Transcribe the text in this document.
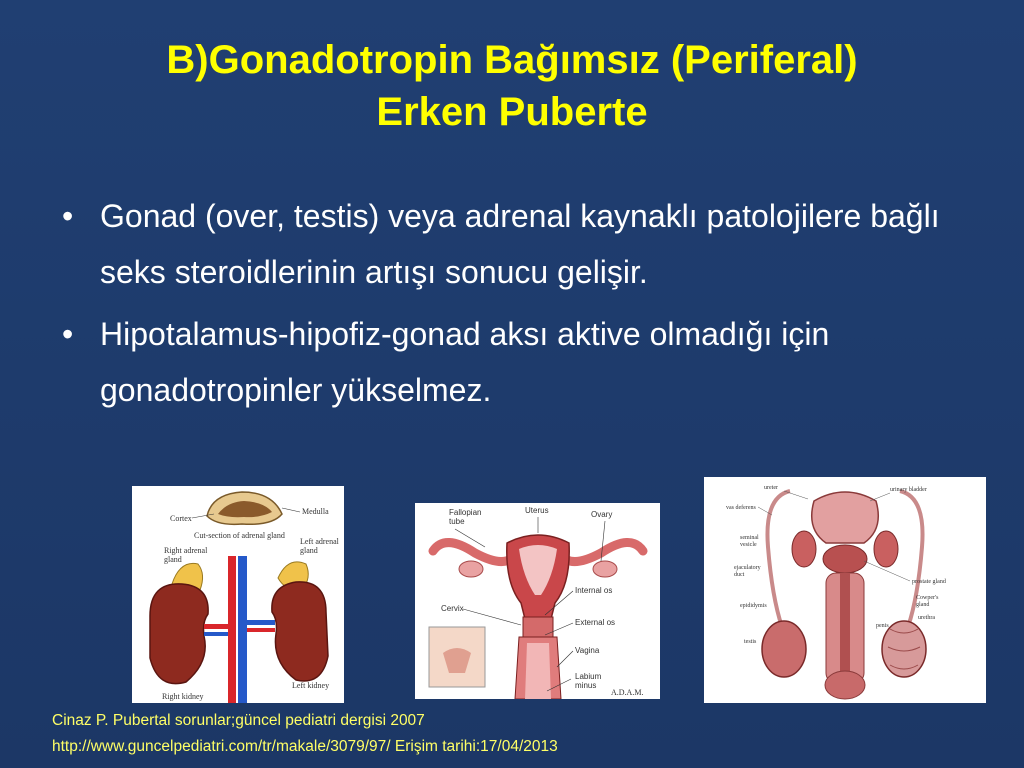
B)Gonadotropin Bağımsız (Periferal)
Erken Puberte
• Gonad (over, testis) veya adrenal kaynaklı patolojilere bağlı seks steroidlerinin artışı sonucu gelişir.
• Hipotalamus-hipofiz-gonad aksı aktive olmadığı için gonadotropinler yükselmez.
Cortex
Medulla
Cut-section of adrenal gland
Right adrenal
gland
Left adrenal
gland
Right kidney
Left kidney
Fallopian
tube
Uterus	Ovary
Internal os
Cervix
External os
Vagina
Labium
minus
A.D.A.M.
ureter	urinary bladder
vas deferens
seminal
vesicle
ejaculatory
duct
prostate gland
Cowper's
gland
epididymis
urethra
penis
testis
Cinaz P. Pubertal sorunlar;güncel pediatri dergisi 2007
http://www.guncelpediatri.com/tr/makale/3079/97/ Erişim tarihi:17/04/2013
